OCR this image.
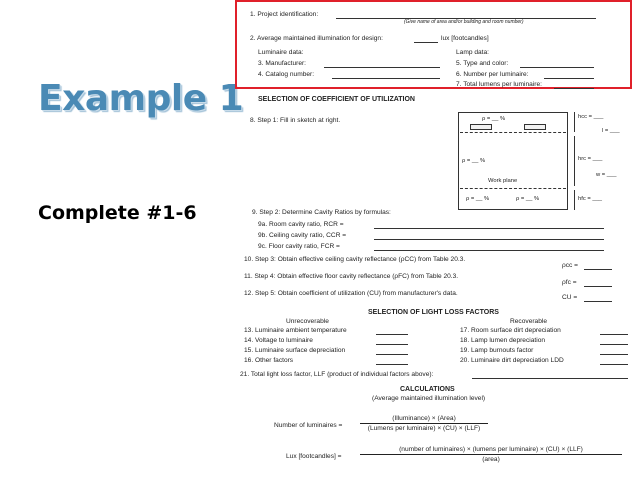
Example 1
Complete #1-6
1. Project identification:
(Give name of area and/or building and room number)
2. Average maintained illumination for design:	lux [footcandles]
Luminaire data:
3. Manufacturer:
4. Catalog number:
Lamp data:
5. Type and color:
6. Number per luminaire:
7. Total lumens per luminaire:
SELECTION OF COEFFICIENT OF UTILIZATION
8. Step 1: Fill in sketch at right.	ρ = __ %
ρ = __ %
ρ = __ %	ρ = __ %
Work plane
hcc = ___
l = ___
hrc = ___
w = ___
hfc = ___
9. Step 2: Determine Cavity Ratios by formulas:
9a. Room cavity ratio, RCR =
9b. Ceiling cavity ratio, CCR =
9c. Floor cavity ratio, FCR =
10. Step 3: Obtain effective ceiling cavity reflectance (ρCC) from Table 20.3.
ρcc =
11. Step 4: Obtain effective floor cavity reflectance (ρFC) from Table 20.3.
ρfc =
12. Step 5: Obtain coefficient of utilization (CU) from manufacturer's data.
CU =
SELECTION OF LIGHT LOSS FACTORS
Unrecoverable	Recoverable
13. Luminaire ambient temperature
14. Voltage to luminaire
15. Luminaire surface depreciation
16. Other factors
17. Room surface dirt depreciation
18. Lamp lumen depreciation
19. Lamp burnouts factor
20. Luminaire dirt depreciation LDD
21. Total light loss factor, LLF (product of individual factors above):
CALCULATIONS
(Average maintained illumination level)
Number of luminaires =
(Illuminance) × (Area)
(Lumens per luminaire) × (CU) × (LLF)
Lux [footcandles] =
(number of luminaires) × (lumens per luminaire) × (CU) × (LLF)
(area)
